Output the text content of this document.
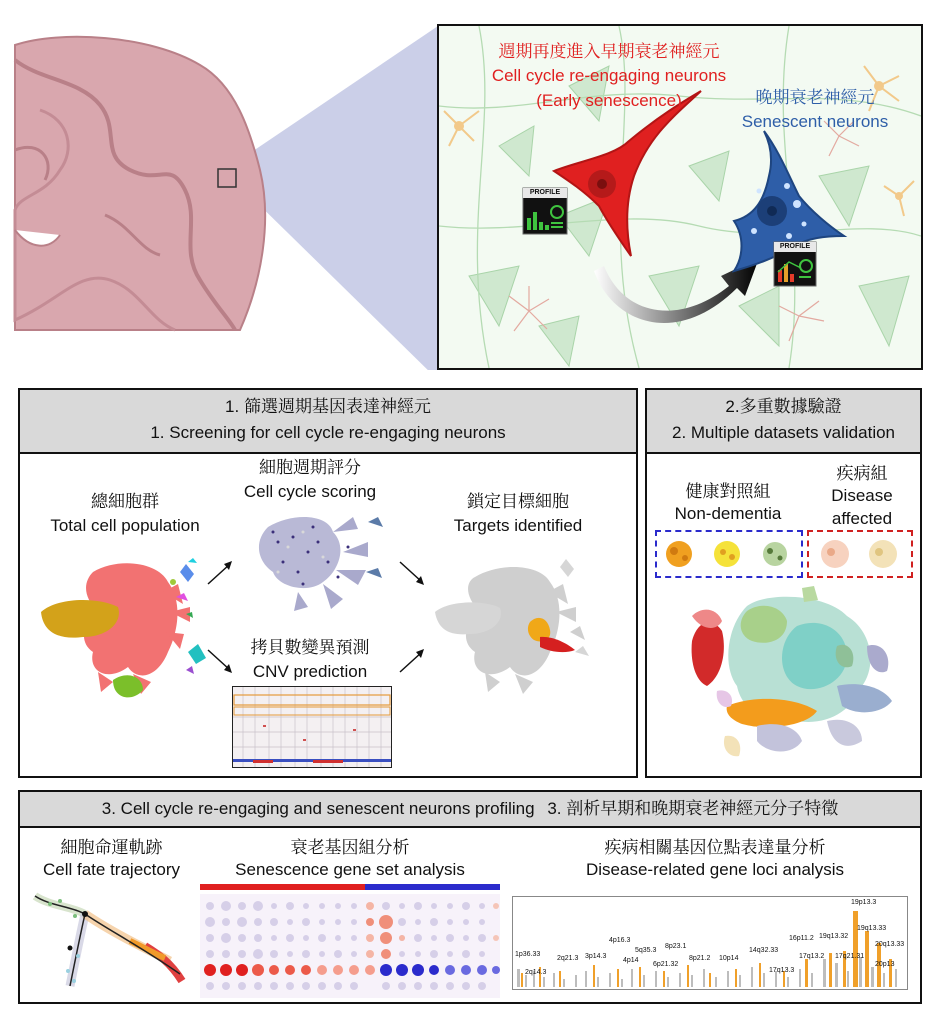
PROFILE
PROFILE
週期再度進入早期衰老神經元
Cell cycle re-engaging neurons
(Early senescence)	晚期衰老神經元
Senescent neurons
1. 篩選週期基因表達神經元
1. Screening for cell cycle re-engaging neurons
總細胞群
Total cell population
細胞週期評分
Cell cycle scoring
拷貝數變異預測
CNV prediction
鎖定目標細胞
Targets identified
2.多重數據驗證
2. Multiple datasets validation
健康對照組
Non-dementia
疾病組
Disease
affected
3. Cell cycle re-engaging and senescent neurons profiling 3. 剖析早期和晚期衰老神經元分子特徵
細胞命運軌跡
Cell fate trajectory
衰老基因組分析
Senescence gene set analysis
疾病相關基因位點表達量分析
Disease-related gene loci analysis
19p13.3
19q13.33
20q13.33
19q13.32
16p11.2
17q21.31
17q13.2
17q13.3
14q32.33
10p14
8p21.2
8p23.1
6p21.32
5q35.3
4p16.3
4p14
3p14.3
2q21.3
2q14.3
1p36.33
20p13
